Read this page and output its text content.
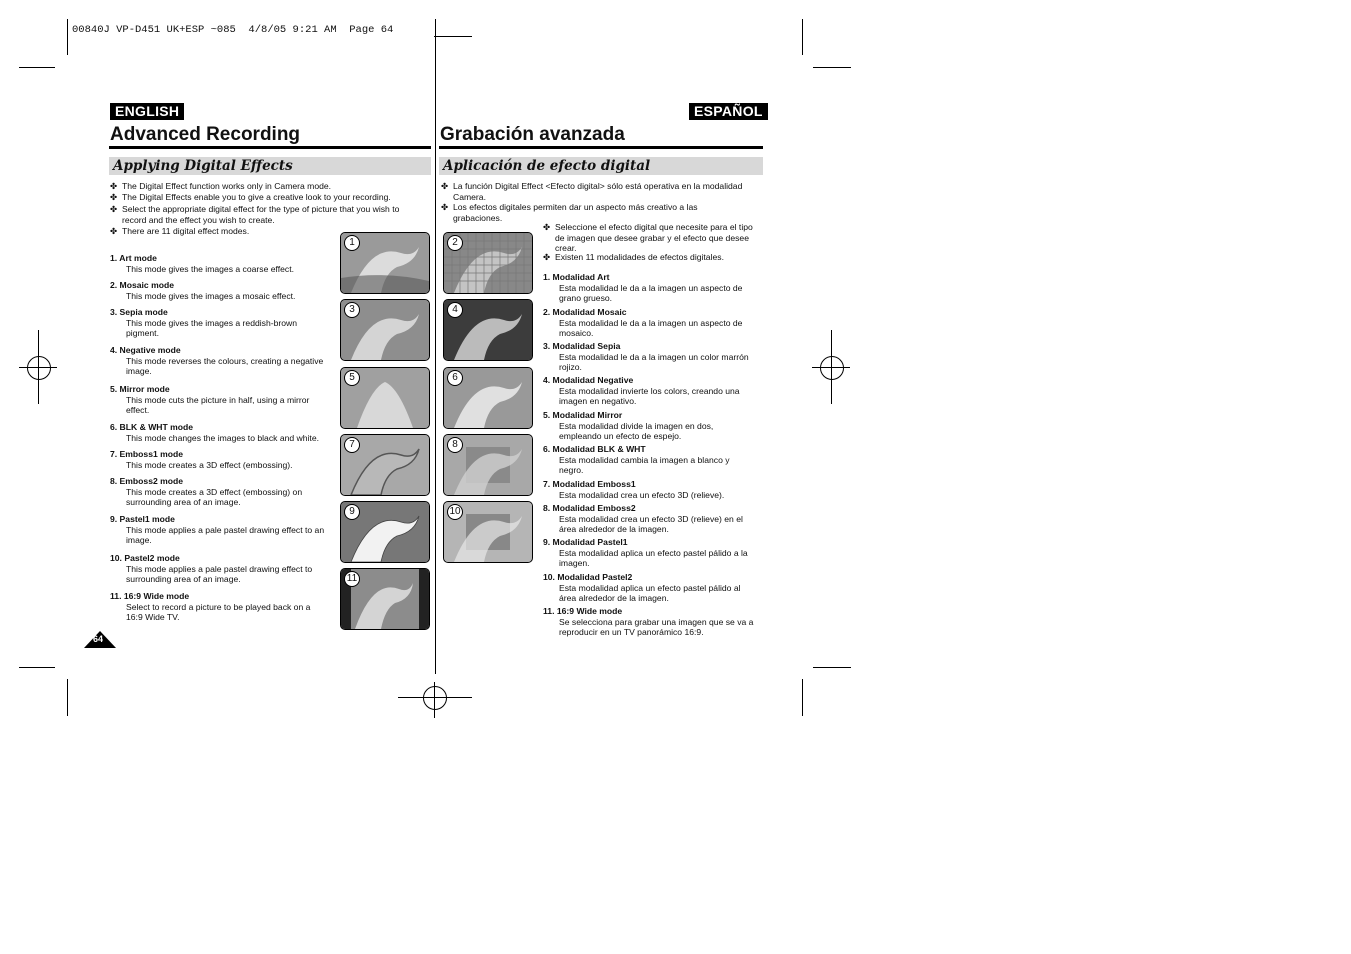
00840J VP-D451 UK+ESP ~085  4/8/05 9:21 AM  Page 64
ENGLISH
Advanced Recording
Applying Digital Effects
✤ The Digital Effect function works only in Camera mode.
✤ The Digital Effects enable you to give a creative look to your recording.
✤ Select the appropriate digital effect for the type of picture that you wish to record and the effect you wish to create.
✤ There are 11 digital effect modes.
1. Art mode
This mode gives the images a coarse effect.
2. Mosaic mode
This mode gives the images a mosaic effect.
3. Sepia mode
This mode gives the images a reddish-brown pigment.
4. Negative mode
This mode reverses the colours, creating a negative image.
5. Mirror mode
This mode cuts the picture in half, using a mirror effect.
6. BLK & WHT mode
This mode changes the images to black and white.
7. Emboss1 mode
This mode creates a 3D effect (embossing).
8. Emboss2 mode
This mode creates a 3D effect (embossing) on surrounding area of an image.
9. Pastel1 mode
This mode applies a pale pastel drawing effect to an image.
10. Pastel2 mode
This mode applies a pale pastel drawing effect to surrounding area of an image.
11. 16:9 Wide mode
Select to record a picture to be played back on a 16:9 Wide TV.
1	2
3	4
5	6
7	8
9	10
11
ESPAÑOL
Grabación avanzada
Aplicación de efecto digital
✤ La función Digital Effect <Efecto digital> sólo está operativa en la modalidad Camera.
✤ Los efectos digitales permiten dar un aspecto más creativo a las grabaciones.
✤ Seleccione el efecto digital que necesite para el tipo de imagen que desee grabar y el efecto que desee crear.
✤ Existen 11 modalidades de efectos digitales.
1. Modalidad Art
Esta modalidad le da a la imagen un aspecto de grano grueso.
2. Modalidad Mosaic
Esta modalidad le da a la imagen un aspecto de mosaico.
3. Modalidad Sepia
Esta modalidad le da a la imagen un color marrón rojizo.
4. Modalidad Negative
Esta modalidad invierte los colors, creando una imagen en negativo.
5. Modalidad Mirror
Esta modalidad divide la imagen en dos, empleando un efecto de espejo.
6. Modalidad BLK & WHT
Esta modalidad cambia la imagen a blanco y negro.
7. Modalidad Emboss1
Esta modalidad crea un efecto 3D (relieve).
8. Modalidad Emboss2
Esta modalidad crea un efecto 3D (relieve) en el área alrededor de la imagen.
9. Modalidad Pastel1
Esta modalidad aplica un efecto pastel pálido a la imagen.
10. Modalidad Pastel2
Esta modalidad aplica un efecto pastel pálido al área alrededor de la imagen.
11. 16:9 Wide mode
Se selecciona para grabar una imagen que se va a reproducir en un TV panorámico 16:9.
64
